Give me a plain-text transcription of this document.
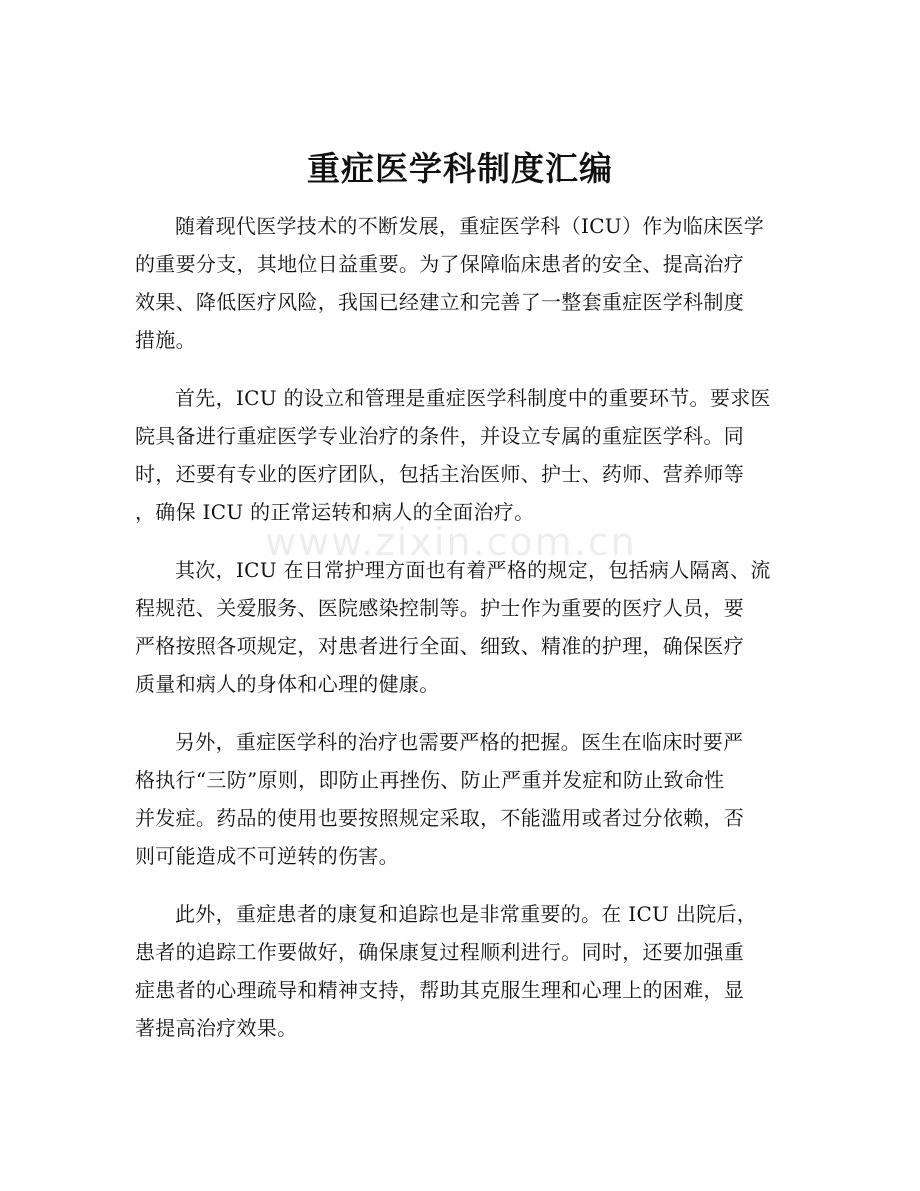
www.zixin.com.cn
重症医学科制度汇编
随着现代医学技术的不断发展，重症医学科（ICU）作为临床医学
的重要分支，其地位日益重要。为了保障临床患者的安全、提高治疗
效果、降低医疗风险，我国已经建立和完善了一整套重症医学科制度
措施。
首先，ICU 的设立和管理是重症医学科制度中的重要环节。要求医
院具备进行重症医学专业治疗的条件，并设立专属的重症医学科。同
时，还要有专业的医疗团队，包括主治医师、护士、药师、营养师等
，确保 ICU 的正常运转和病人的全面治疗。
其次，ICU 在日常护理方面也有着严格的规定，包括病人隔离、流
程规范、关爱服务、医院感染控制等。护士作为重要的医疗人员，要
严格按照各项规定，对患者进行全面、细致、精准的护理，确保医疗
质量和病人的身体和心理的健康。
另外，重症医学科的治疗也需要严格的把握。医生在临床时要严
格执行“三防”原则，即防止再挫伤、防止严重并发症和防止致命性
并发症。药品的使用也要按照规定采取，不能滥用或者过分依赖，否
则可能造成不可逆转的伤害。
此外，重症患者的康复和追踪也是非常重要的。在 ICU 出院后，
患者的追踪工作要做好，确保康复过程顺利进行。同时，还要加强重
症患者的心理疏导和精神支持，帮助其克服生理和心理上的困难，显
著提高治疗效果。
